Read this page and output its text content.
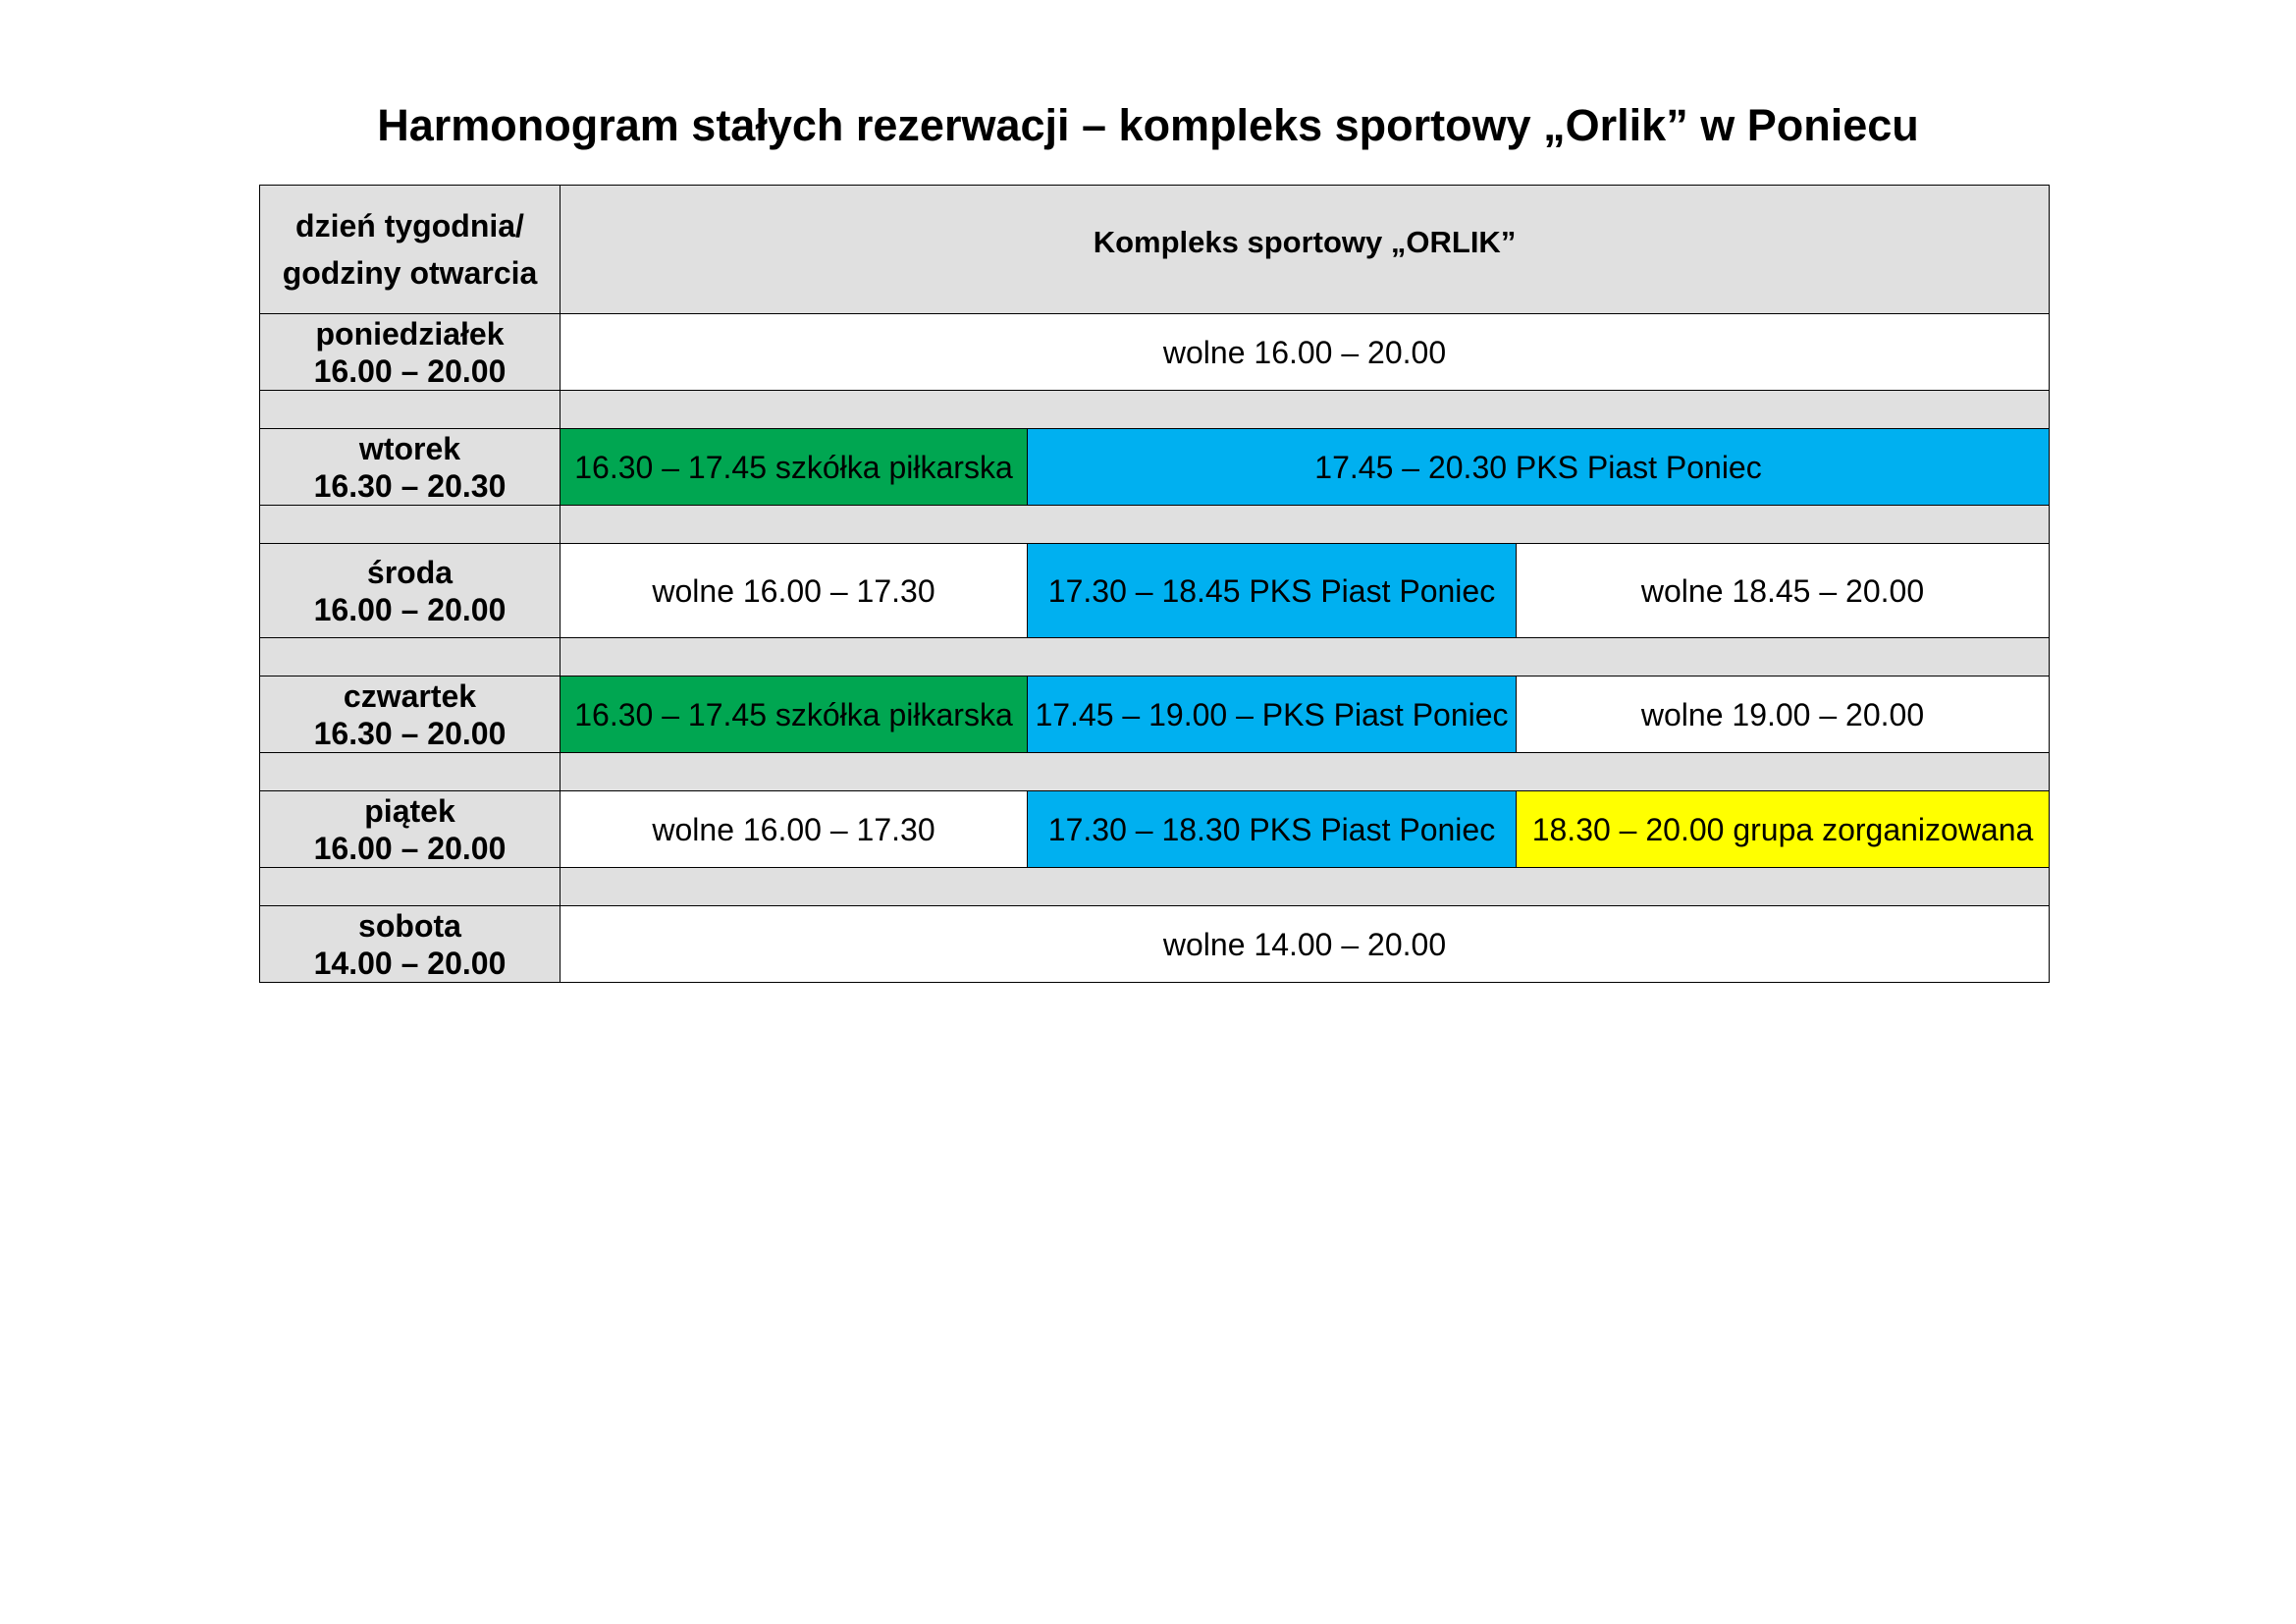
Harmonogram stałych rezerwacji – kompleks sportowy „Orlik” w Poniecu
dzień tygodnia/
godziny otwarcia	Kompleks sportowy „ORLIK”		

poniedziałek
16.00 – 20.00	wolne 16.00 – 20.00		

wtorek
16.30 – 20.30	16.30 – 17.45 szkółka piłkarska	17.45 – 20.30 PKS Piast Poniec	

środa
16.00 – 20.00	wolne 16.00 – 17.30	17.30 – 18.45 PKS Piast Poniec	wolne 18.45 – 20.00

czwartek
16.30 – 20.00	16.30 – 17.45 szkółka piłkarska	17.45 – 19.00 – PKS Piast Poniec	wolne 19.00 – 20.00

piątek
16.00 – 20.00	wolne 16.00 – 17.30	17.30 – 18.30 PKS Piast Poniec	18.30 – 20.00 grupa zorganizowana

sobota
14.00 – 20.00	wolne 14.00 – 20.00		
